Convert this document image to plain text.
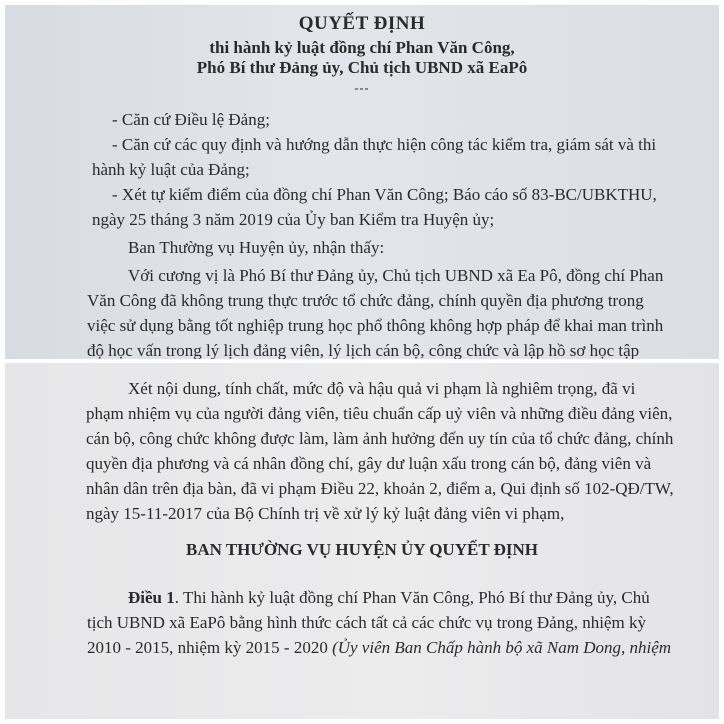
QUYẾT ĐỊNH

thi hành kỷ luật đồng chí Phan Văn Công,

Phó Bí thư Đảng ủy, Chủ tịch UBND xã EaPô

---

- Căn cứ Điều lệ Đảng;

- Căn cứ các quy định và hướng dẫn thực hiện công tác kiểm tra, giám sát và thi

hành kỷ luật của Đảng;

- Xét tự kiểm điểm của đồng chí Phan Văn Công; Báo cáo số 83-BC/UBKTHU,

ngày 25 tháng 3 năm 2019 của Ủy ban Kiểm tra Huyện ủy;

Ban Thường vụ Huyện ủy, nhận thấy:

Với cương vị là Phó Bí thư Đảng ủy, Chủ tịch UBND xã Ea Pô, đồng chí Phan

Văn Công đã không trung thực trước tổ chức đảng, chính quyền địa phương trong

việc sử dụng bằng tốt nghiệp trung học phổ thông không hợp pháp để khai man trình

độ học vấn trong lý lịch đảng viên, lý lịch cán bộ, công chức và lập hồ sơ học tập

Xét nội dung, tính chất, mức độ và hậu quả vi phạm là nghiêm trọng, đã vi

phạm nhiệm vụ của người đảng viên, tiêu chuẩn cấp uỷ viên và những điều đảng viên,

cán bộ, công chức không được làm, làm ảnh hưởng đến uy tín của tổ chức đảng, chính

quyền địa phương và cá nhân đồng chí, gây dư luận xấu trong cán bộ, đảng viên và

nhân dân trên địa bàn, đã vi phạm Điều 22, khoản 2, điểm a, Qui định số 102-QĐ/TW,

ngày 15-11-2017 của Bộ Chính trị về xử lý kỷ luật đảng viên vi phạm,

BAN THƯỜNG VỤ HUYỆN ỦY QUYẾT ĐỊNH

Điều 1. Thi hành kỷ luật đồng chí Phan Văn Công, Phó Bí thư Đảng ủy, Chủ

tịch UBND xã EaPô bằng hình thức cách tất cả các chức vụ trong Đảng, nhiệm kỳ

2010 - 2015, nhiệm kỳ 2015 - 2020 (Ủy viên Ban Chấp hành bộ xã Nam Dong, nhiệm
